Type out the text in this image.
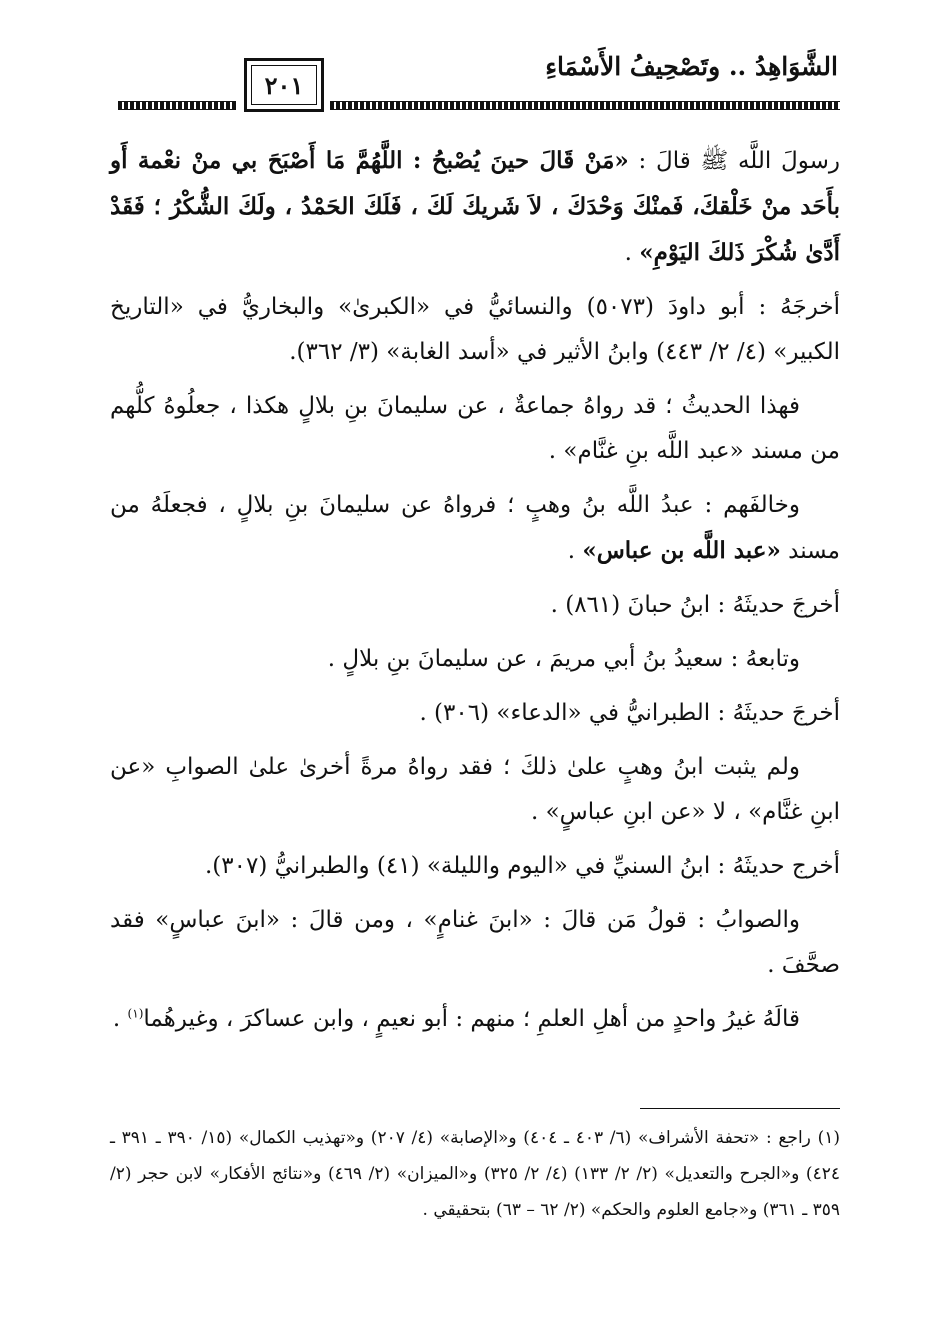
الشَّوَاهِدُ .. وتَصْحِيفُ الأَسْمَاءِ
٢٠١

رسولَ اللَّه ﷺ قالَ : «مَنْ قَالَ حينَ يُصْبحُ : اللَّهُمَّ مَا أَصْبَحَ بي منْ نعْمة أَو بأَحَد منْ خَلْقكَ، فَمنْكَ وَحْدَكَ ، لاَ شَريكَ لَكَ ، فَلَكَ الحَمْدُ ، ولَكَ الشُّكْرُ ؛ فَقَدْ أَدَّىٰ شُكْرَ ذَلكَ اليَوْمِ» .

أخرجَهُ : أبو داودَ (٥٠٧٣) والنسائيُّ في «الكبرىٰ» والبخاريُّ في «التاريخ الكبير» (٤/ ٢/ ٤٤٣) وابنُ الأثير في «أسد الغابة» (٣/ ٣٦٢).

فهذا الحديثُ ؛ قد رواهُ جماعةٌ ، عن سليمانَ بنِ بلالٍ هكذا ، جعلُوهُ كلُّهم من مسند «عبد اللَّه بنِ غنَّام» .

وخالفَهم : عبدُ اللَّه بنُ وهبٍ ؛ فرواهُ عن سليمانَ بنِ بلالٍ ، فجعلَهُ من مسند «عبد اللَّه بن عباس» .

أخرجَ حديثَهُ : ابنُ حبانَ (٨٦١) .

وتابعهُ : سعيدُ بنُ أبي مريمَ ، عن سليمانَ بنِ بلالٍ .

أخرجَ حديثَهُ : الطبرانيُّ في «الدعاء» (٣٠٦) .

ولم يثبت ابنُ وهبٍ علىٰ ذلكَ ؛ فقد رواهُ مرةً أخرىٰ علىٰ الصوابِ «عن ابنِ غنَّام» ، لا «عن ابنِ عباسٍ» .

أخرج حديثَهُ : ابنُ السنيِّ في «اليوم والليلة» (٤١) والطبرانيُّ (٣٠٧).

والصوابُ : قولُ مَن قالَ : «ابنَ غنامٍ» ، ومن قالَ : «ابنَ عباسٍ» فقد صحَّفَ .

قالَهُ غيرُ واحدٍ من أهلِ العلمِ ؛ منهم : أبو نعيمٍ ، وابن عساكرَ ، وغيرهُما$^{(١)}$ .

(١) راجع : «تحفة الأشراف» (٦/ ٤٠٣ ـ ٤٠٤) و«الإصابة» (٤/ ٢٠٧) و«تهذيب الكمال» (١٥/ ٣٩٠ ـ ٣٩١ ـ ٤٢٤) و«الجرح والتعديل» (٢/ ٢/ ١٣٣) (٤/ ٢/ ٣٢٥) و«الميزان» (٢/ ٤٦٩) و«نتائج الأفكار» لابن حجر (٢/ ٣٥٩ ـ ٣٦١) و«جامع العلوم والحكم» (٢/ ٦٢ – ٦٣) بتحقيقي .
